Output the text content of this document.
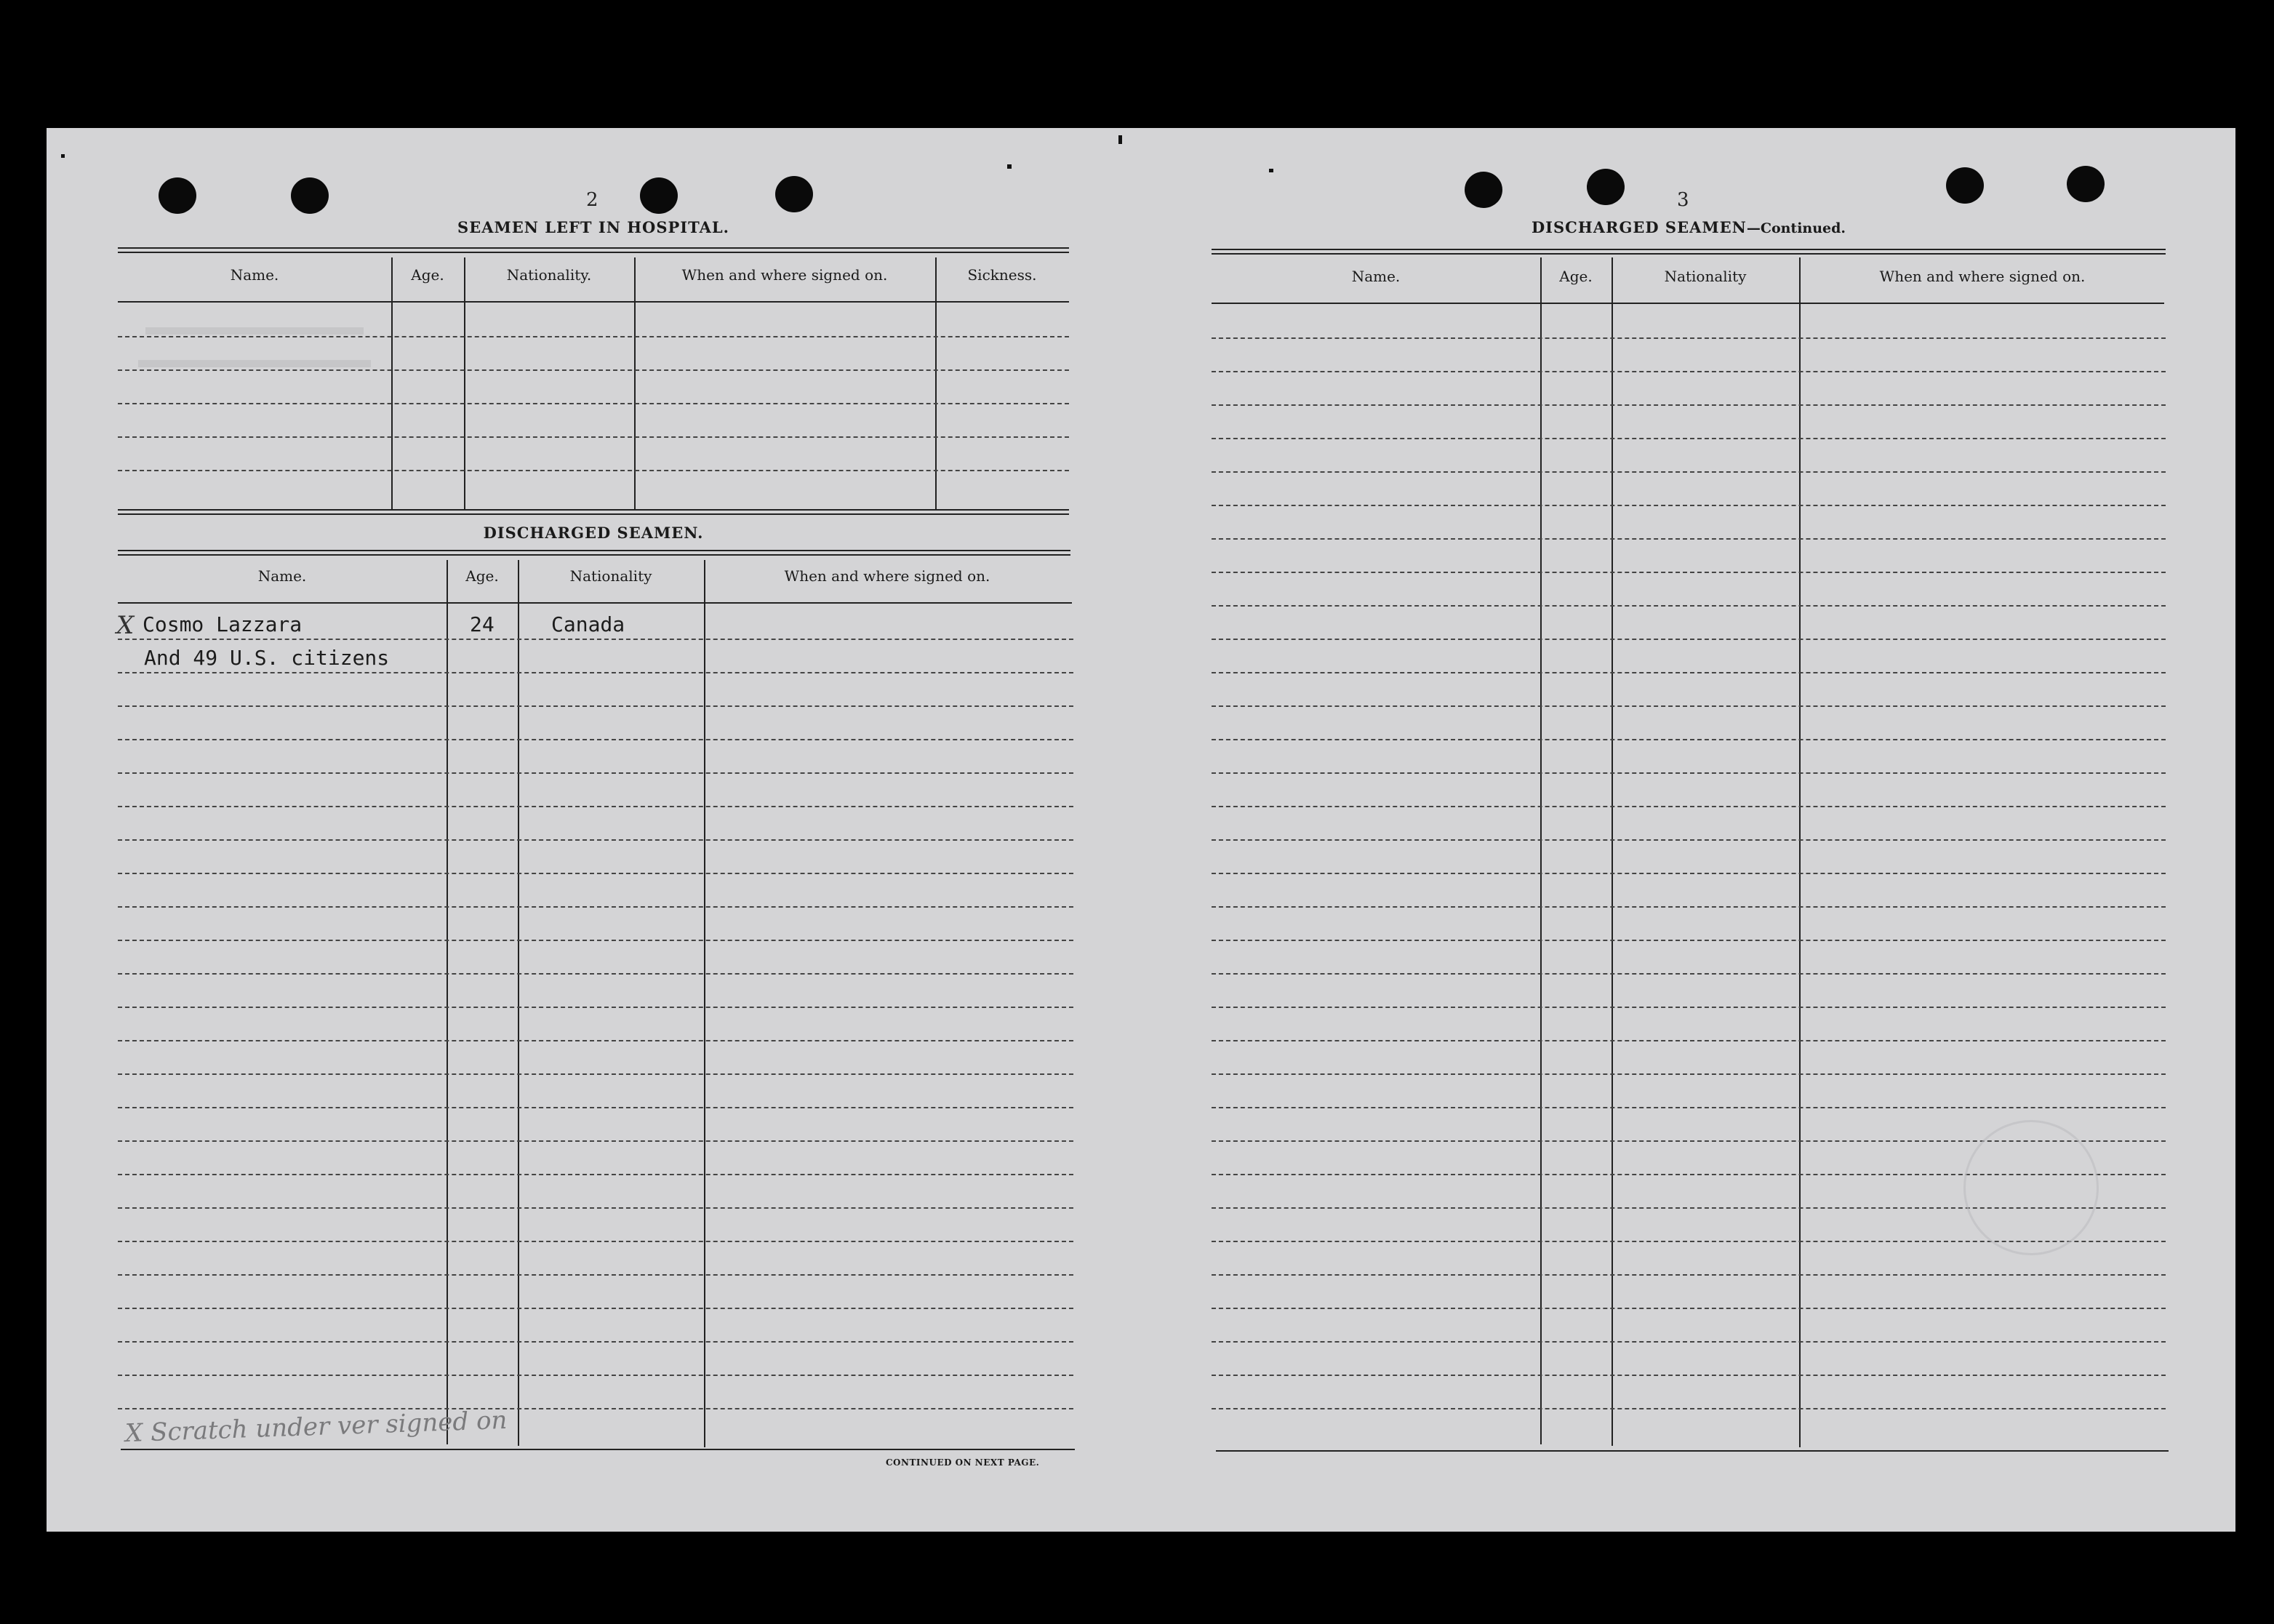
2
SEAMEN LEFT IN HOSPITAL.
Name.	Age.	Nationality.	When and where signed on.	Sickness.
DISCHARGED SEAMEN.
Name.	Age.	Nationality	When and where signed on.
X Cosmo Lazzara	24	Canada
And 49 U.S. citizens
X Scratch under ver signed on
CONTINUED ON NEXT PAGE.
3
DISCHARGED SEAMEN—Continued.
Name.	Age.	Nationality	When and where signed on.
